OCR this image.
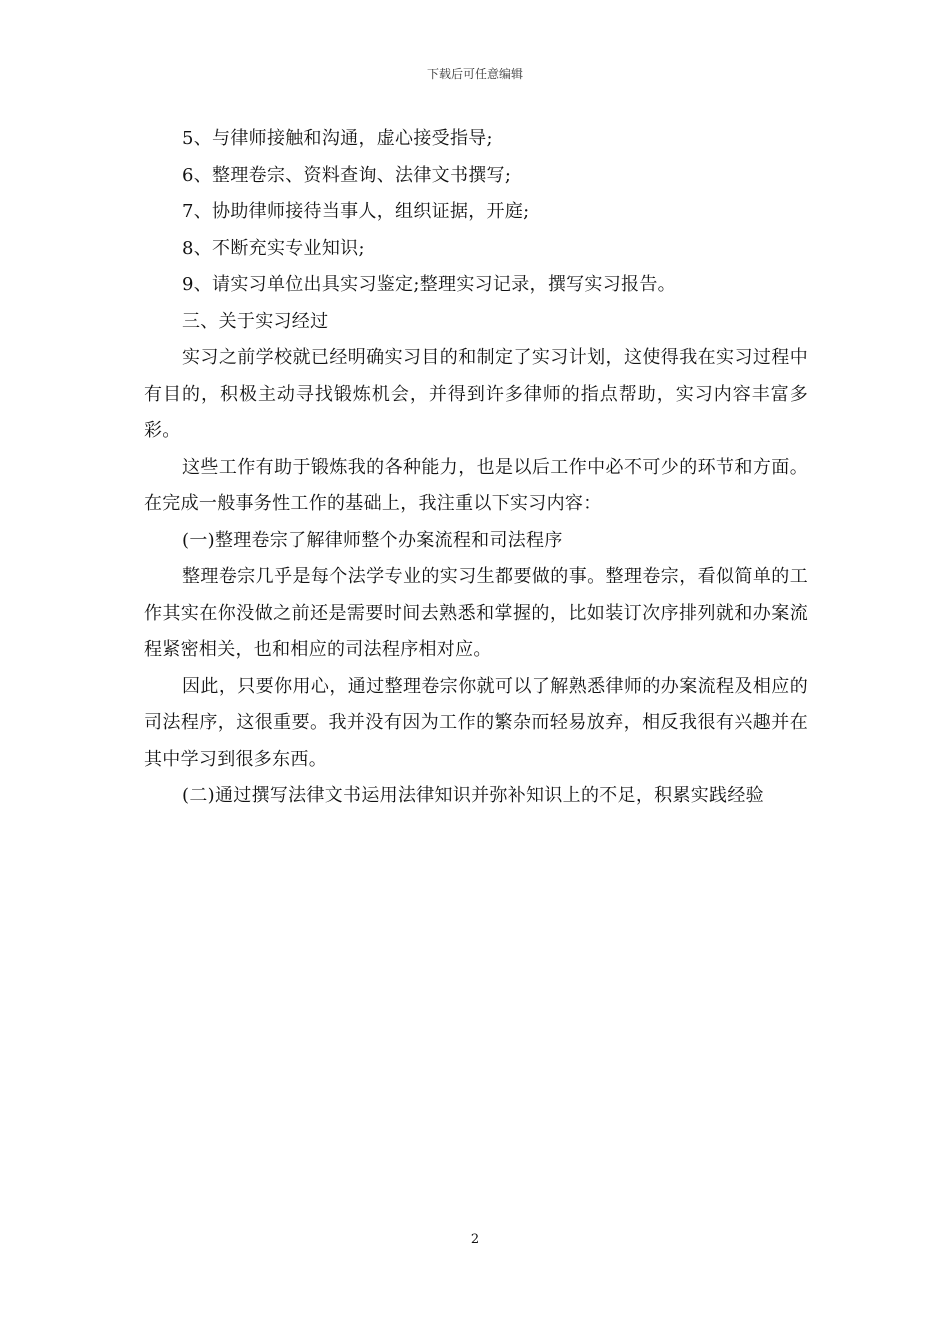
下载后可任意编辑

5、与律师接触和沟通，虚心接受指导;

6、整理卷宗、资料查询、法律文书撰写;

7、协助律师接待当事人，组织证据，开庭;

8、不断充实专业知识;

9、请实习单位出具实习鉴定;整理实习记录，撰写实习报告。

三、关于实习经过

实习之前学校就已经明确实习目的和制定了实习计划，这使得我在实习过程中有目的，积极主动寻找锻炼机会，并得到许多律师的指点帮助，实习内容丰富多彩。

这些工作有助于锻炼我的各种能力，也是以后工作中必不可少的环节和方面。在完成一般事务性工作的基础上，我注重以下实习内容：

(一)整理卷宗了解律师整个办案流程和司法程序

整理卷宗几乎是每个法学专业的实习生都要做的事。整理卷宗，看似简单的工作其实在你没做之前还是需要时间去熟悉和掌握的，比如装订次序排列就和办案流程紧密相关，也和相应的司法程序相对应。

因此，只要你用心，通过整理卷宗你就可以了解熟悉律师的办案流程及相应的司法程序，这很重要。我并没有因为工作的繁杂而轻易放弃，相反我很有兴趣并在其中学习到很多东西。

(二)通过撰写法律文书运用法律知识并弥补知识上的不足，积累实践经验

2
